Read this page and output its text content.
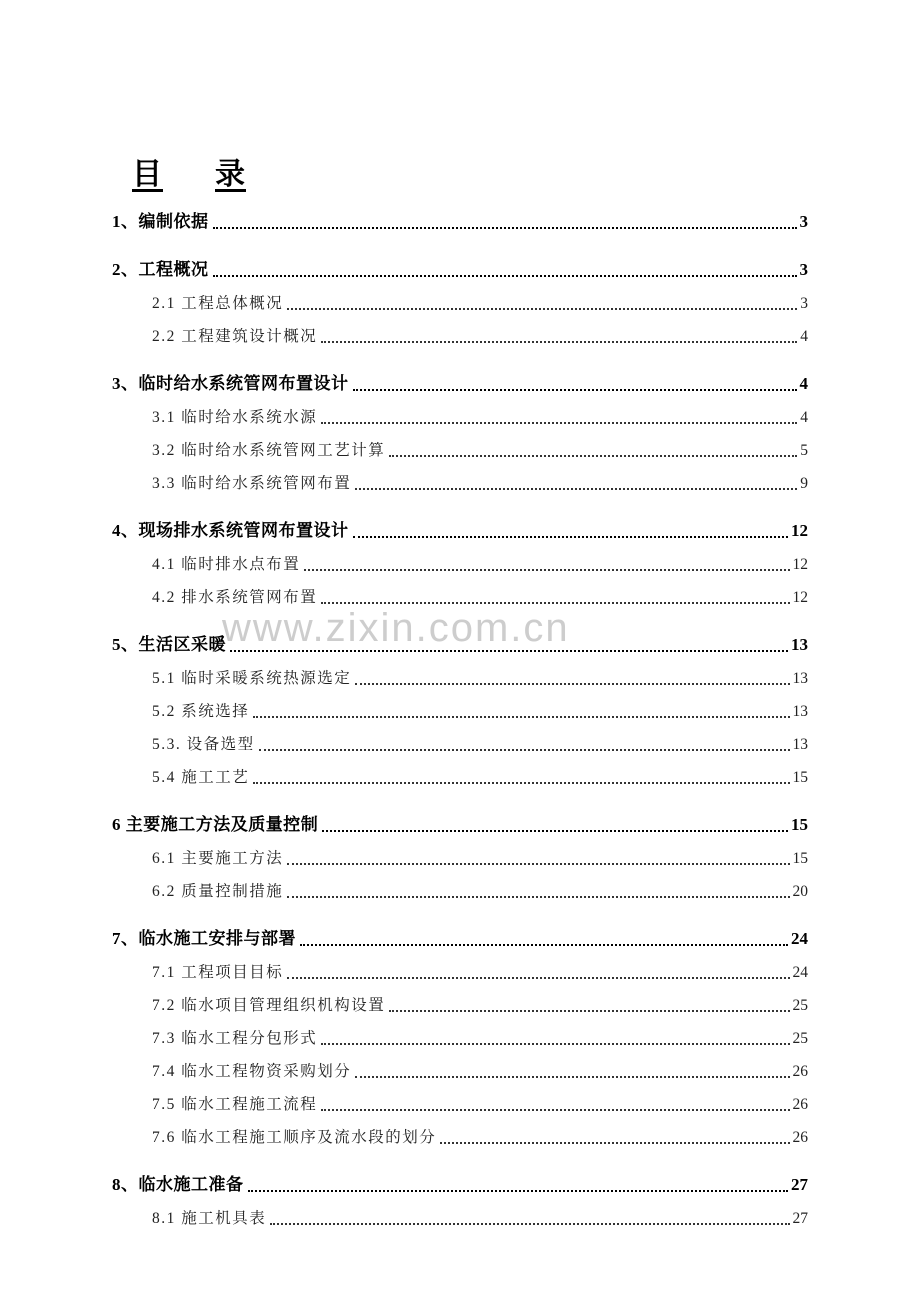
www.zixin.com.cn
目 录
1、编制依据	3
2、工程概况	3
2.1 工程总体概况	3
2.2 工程建筑设计概况	4
3、临时给水系统管网布置设计	4
3.1 临时给水系统水源	4
3.2 临时给水系统管网工艺计算	5
3.3 临时给水系统管网布置	9
4、现场排水系统管网布置设计	12
4.1 临时排水点布置	12
4.2 排水系统管网布置	12
5、生活区采暖	13
5.1 临时采暖系统热源选定	13
5.2 系统选择	13
5.3. 设备选型	13
5.4 施工工艺	15
6 主要施工方法及质量控制	15
6.1 主要施工方法	15
6.2 质量控制措施	20
7、临水施工安排与部署	24
7.1 工程项目目标	24
7.2 临水项目管理组织机构设置	25
7.3 临水工程分包形式	25
7.4 临水工程物资采购划分	26
7.5 临水工程施工流程	26
7.6 临水工程施工顺序及流水段的划分	26
8、临水施工准备	27
8.1 施工机具表	27
